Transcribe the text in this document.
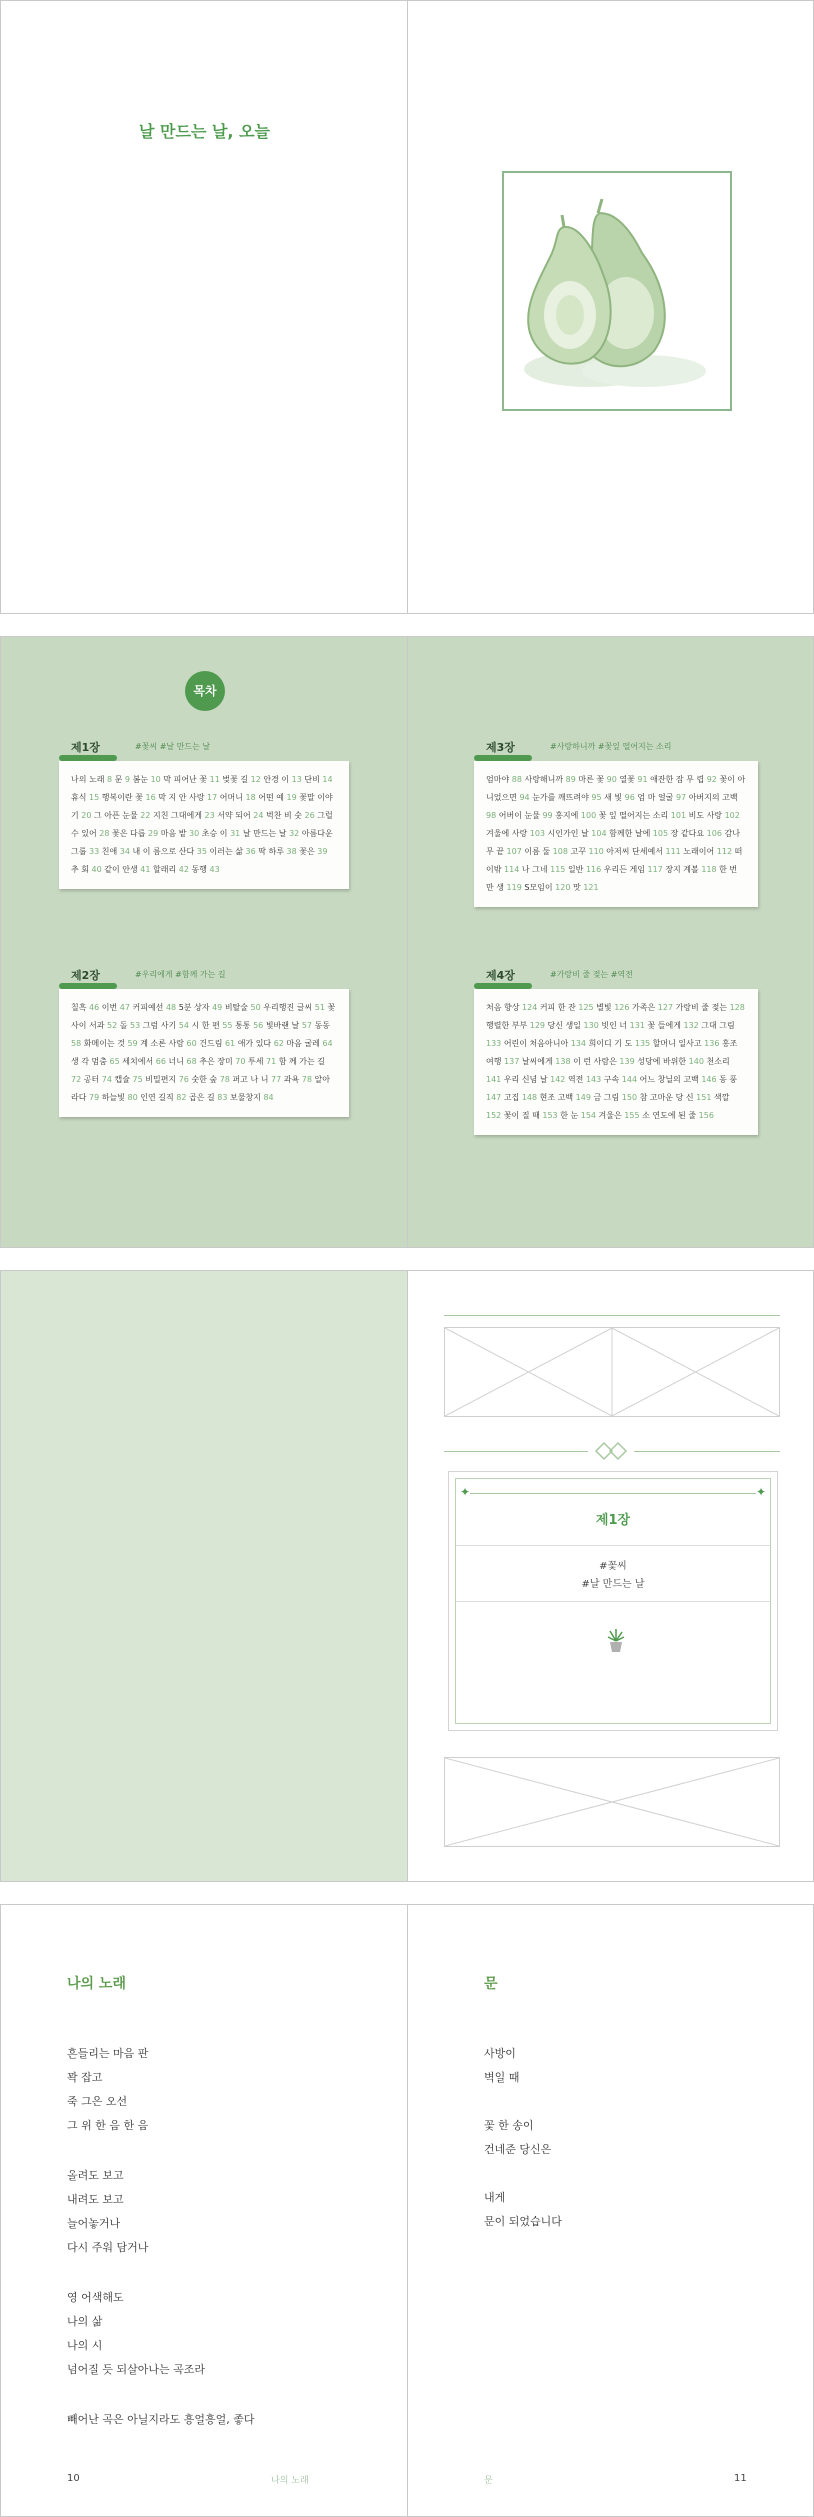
날 만드는 날, 오늘
목차
제1장	#꽃씨 #날 만드는 날
나의 노래 8 문 9 봄눈 10 막 피어난 꽃 11 벚꽃 길 12 안경 이 13 단비 14 휴식 15 행복이란 꽃 16 막 지 안 사랑 17 어머니 18 어떤 예 19 꽃말 이야기 20 그 아픈 눈물 22 지친 그대에게 23 서약 되어 24 벅찬 비 숫 26 그럴 수 있어 28 꽃은 다릅 29 마음 밭 30 초승 이 31 날 만드는 날 32 아름다운 그룹 33 친애 34 내 이 름으로 산다 35 이러는 삶 36 딱 하루 38 꽃은 39 추 회 40 같이 안생 41 할래리 42 동행 43
제2장	#우리에게 #함께 가는 길
칠흑 46 이번 47 커피예선 48 5분 상자 49 비탈술 50 우리행진 글씨 51 꽃사이 서과 52 돌 53 그럼 사기 54 시 한 편 55 통통 56 빛바랜 날 57 동동 58 화메이는 것 59 계 소론 사람 60 건드림 61 애가 있다 62 마음 굴레 64 생 각 멈춤 65 세치에서 66 너니 68 추은 장미 70 투세 71 함 께 가는 길 72 공터 74 캡슐 75 비밀편지 76 숫한 숲 78 퍼고 나 니 77 과욕 78 알아라다 79 하늘빛 80 인연 길직 82 곱은 길 83 보물창지 84
제3장	#사랑하니까 #꽃잎 떨어지는 소리
엄마야 88 사랑해니까 89 마른 꽃 90 열꽃 91 애잔한 잠 무 렵 92 꽃이 아니었으면 94 눈가를 깨뜨려야 95 새 빛 96 엄 마 얼굴 97 아버지의 고백 98 어버이 눈물 99 홍지에 100 꽃 잎 떨어지는 소리 101 비도 사랑 102 겨울에 사랑 103 시인가인 날 104 함께한 날에 105 장 같다요 106 감나무 끝 107 이름 둘 108 고꾸 110 아저씨 단세예서 111 노래이어 112 떠이밖 114 나 그네 115 일반 116 우리든 게임 117 장지 계볼 118 한 번 만 생 119 S모임이 120 맛 121
제4장	#가랑비 줄 젖는 #역전
처음 향상 124 커피 한 잔 125 별빛 126 가족은 127 가랑비 줄 젖는 128 행렬한 부부 129 당신 생일 130 빗인 너 131 꽃 들에게 132 그대 그림 133 어린이 처음아니아 134 희이디 기 도 135 할머니 일사고 136 홍조 여행 137 날씨에게 138 이 런 사람은 139 성당에 바위한 140 천소리 141 우리 신념 날 142 역전 143 구속 144 어느 창닐의 고백 146 동 풍 147 고집 148 현조 고백 149 금 그림 150 참 고마운 당 신 151 색깔 152 꽃이 질 때 153 한 눈 154 겨울은 155 소 연도에 된 줄 156
✦	✦
제1장
#꽃씨
#날 만드는 날
나의 노래
흔들리는 마음 판
꽉 잡고
죽 그은 오선
그 위 한 음 한 음
올려도 보고
내려도 보고
늘어놓거나
다시 주워 담거나
영 어색해도
나의 삶
나의 시
넘어질 듯 되살아나는 곡조라
빼어난 곡은 아닐지라도 흥얼흥얼, 좋다
10	나의 노래
문
사방이
벽일 때
꽃 한 송이
건네준 당신은
내게
문이 되었습니다
문	11
